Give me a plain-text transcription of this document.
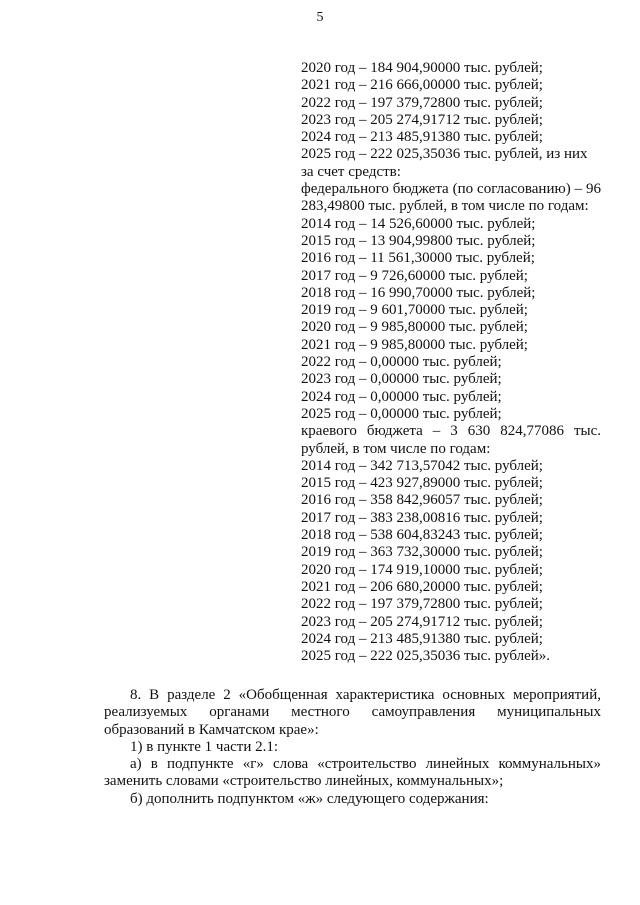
5
2020 год – 184 904,90000 тыс. рублей;
2021 год – 216 666,00000 тыс. рублей;
2022 год – 197 379,72800 тыс. рублей;
2023 год – 205 274,91712 тыс. рублей;
2024 год – 213 485,91380 тыс. рублей;
2025 год – 222 025,35036 тыс. рублей, из них
за счет средств:
федерального бюджета (по согласованию) – 96 283,49800 тыс. рублей, в том числе по годам:
2014 год – 14 526,60000 тыс. рублей;
2015 год – 13 904,99800 тыс. рублей;
2016 год – 11 561,30000 тыс. рублей;
2017 год – 9 726,60000 тыс. рублей;
2018 год – 16 990,70000 тыс. рублей;
2019 год – 9 601,70000 тыс. рублей;
2020 год – 9 985,80000 тыс. рублей;
2021 год – 9 985,80000 тыс. рублей;
2022 год – 0,00000 тыс. рублей;
2023 год – 0,00000 тыс. рублей;
2024 год – 0,00000 тыс. рублей;
2025 год – 0,00000 тыс. рублей;
краевого бюджета – 3 630 824,77086 тыс. рублей, в том числе по годам:
2014 год – 342 713,57042 тыс. рублей;
2015 год – 423 927,89000 тыс. рублей;
2016 год – 358 842,96057 тыс. рублей;
2017 год – 383 238,00816 тыс. рублей;
2018 год – 538 604,83243 тыс. рублей;
2019 год – 363 732,30000 тыс. рублей;
2020 год – 174 919,10000 тыс. рублей;
2021 год – 206 680,20000 тыс. рублей;
2022 год – 197 379,72800 тыс. рублей;
2023 год – 205 274,91712 тыс. рублей;
2024 год – 213 485,91380 тыс. рублей;
2025 год – 222 025,35036 тыс. рублей».

8. В разделе 2 «Обобщенная характеристика основных мероприятий, реализуемых органами местного самоуправления муниципальных образований в Камчатском крае»:

1) в пункте 1 части 2.1:

а) в подпункте «г» слова «строительство линейных коммунальных» заменить словами «строительство линейных, коммунальных»;

б) дополнить подпунктом «ж» следующего содержания:
